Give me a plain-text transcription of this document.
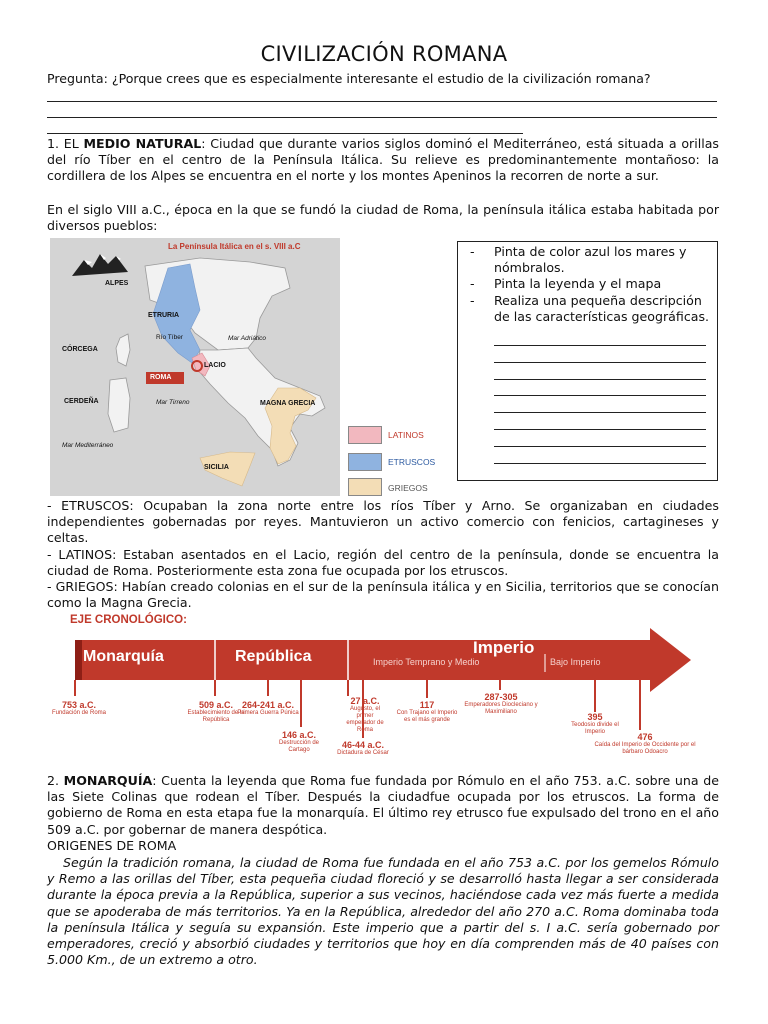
CIVILIZACIÓN ROMANA
Pregunta: ¿Porque crees que es especialmente interesante el estudio de la civilización romana?
1. EL MEDIO NATURAL: Ciudad que durante varios siglos dominó el Mediterráneo, está situada a orillas del río Tíber en el centro de la Península Itálica. Su relieve es predominantemente montañoso: la cordillera de los Alpes se encuentra en el norte y los montes Apeninos la recorren de norte a sur.
En el siglo VIII a.C., época en la que se fundó la ciudad de Roma, la península itálica estaba habitada por diversos pueblos:
La Península Itálica en el s. VIII a.C
ALPES
ETRURIA
Río Tíber
CÓRCEGA
ROMA
LACIO
Mar Adriático
CERDEÑA	Mar Tirreno	MAGNA GRECIA
Mar Mediterráneo
SICILIA
LATINOS
ETRUSCOS
GRIEGOS
- Pinta de color azul los mares y nómbralos.
- Pinta la leyenda y el mapa
- Realiza una pequeña descripción de las características geográficas.
- ETRUSCOS: Ocupaban la zona norte entre los ríos Tíber y Arno. Se organizaban en ciudades independientes gobernadas por reyes. Mantuvieron un activo comercio con fenicios, cartagineses y celtas.
- LATINOS: Estaban asentados en el Lacio, región del centro de la península, donde se encuentra la ciudad de Roma. Posteriormente esta zona fue ocupada por los etruscos.
- GRIEGOS: Habían creado colonias en el sur de la península itálica y en Sicilia, territorios que se conocían como la Magna Grecia.
EJE CRONOLÓGICO:
Monarquía	República	Imperio
Imperio Temprano y Medio	Bajo Imperio
753 a.C.
Fundación de Roma
509 a.C.
Establecimiento de la República
264-241 a.C.
Primera Guerra Púnica
146 a.C.
Destrucción de Cartago
27 a.C.
Augusto, el primer emperador de Roma
46-44 a.C.
Dictadura de César
117
Con Trajano el Imperio es el más grande
287-305
Emperadores Diocleciano y Maximiliano	395
Teodosio divide el Imperio	476
Caída del Imperio de Occidente por el bárbaro Odoacro
2. MONARQUÍA: Cuenta la leyenda que Roma fue fundada por Rómulo en el año 753. a.C. sobre una de las Siete Colinas que rodean el Tíber. Después la ciudadfue ocupada por los etruscos. La forma de gobierno de Roma en esta etapa fue la monarquía. El último rey etrusco fue expulsado del trono en el año 509 a.C. por gobernar de manera despótica.
ORIGENES DE ROMA
Según la tradición romana, la ciudad de Roma fue fundada en el año 753 a.C. por los gemelos Rómulo y Remo a las orillas del Tíber, esta pequeña ciudad floreció y se desarrolló hasta llegar a ser considerada durante la época previa a la República, superior a sus vecinos, haciéndose cada vez más fuerte a medida que se apoderaba de más territorios. Ya en la República, alrededor del año 270 a.C. Roma dominaba toda la península Itálica y seguía su expansión. Este imperio que a partir del s. I a.C. sería gobernado por emperadores, creció y absorbió ciudades y territorios que hoy en día comprenden más de 40 países con 5.000 Km., de un extremo a otro.
